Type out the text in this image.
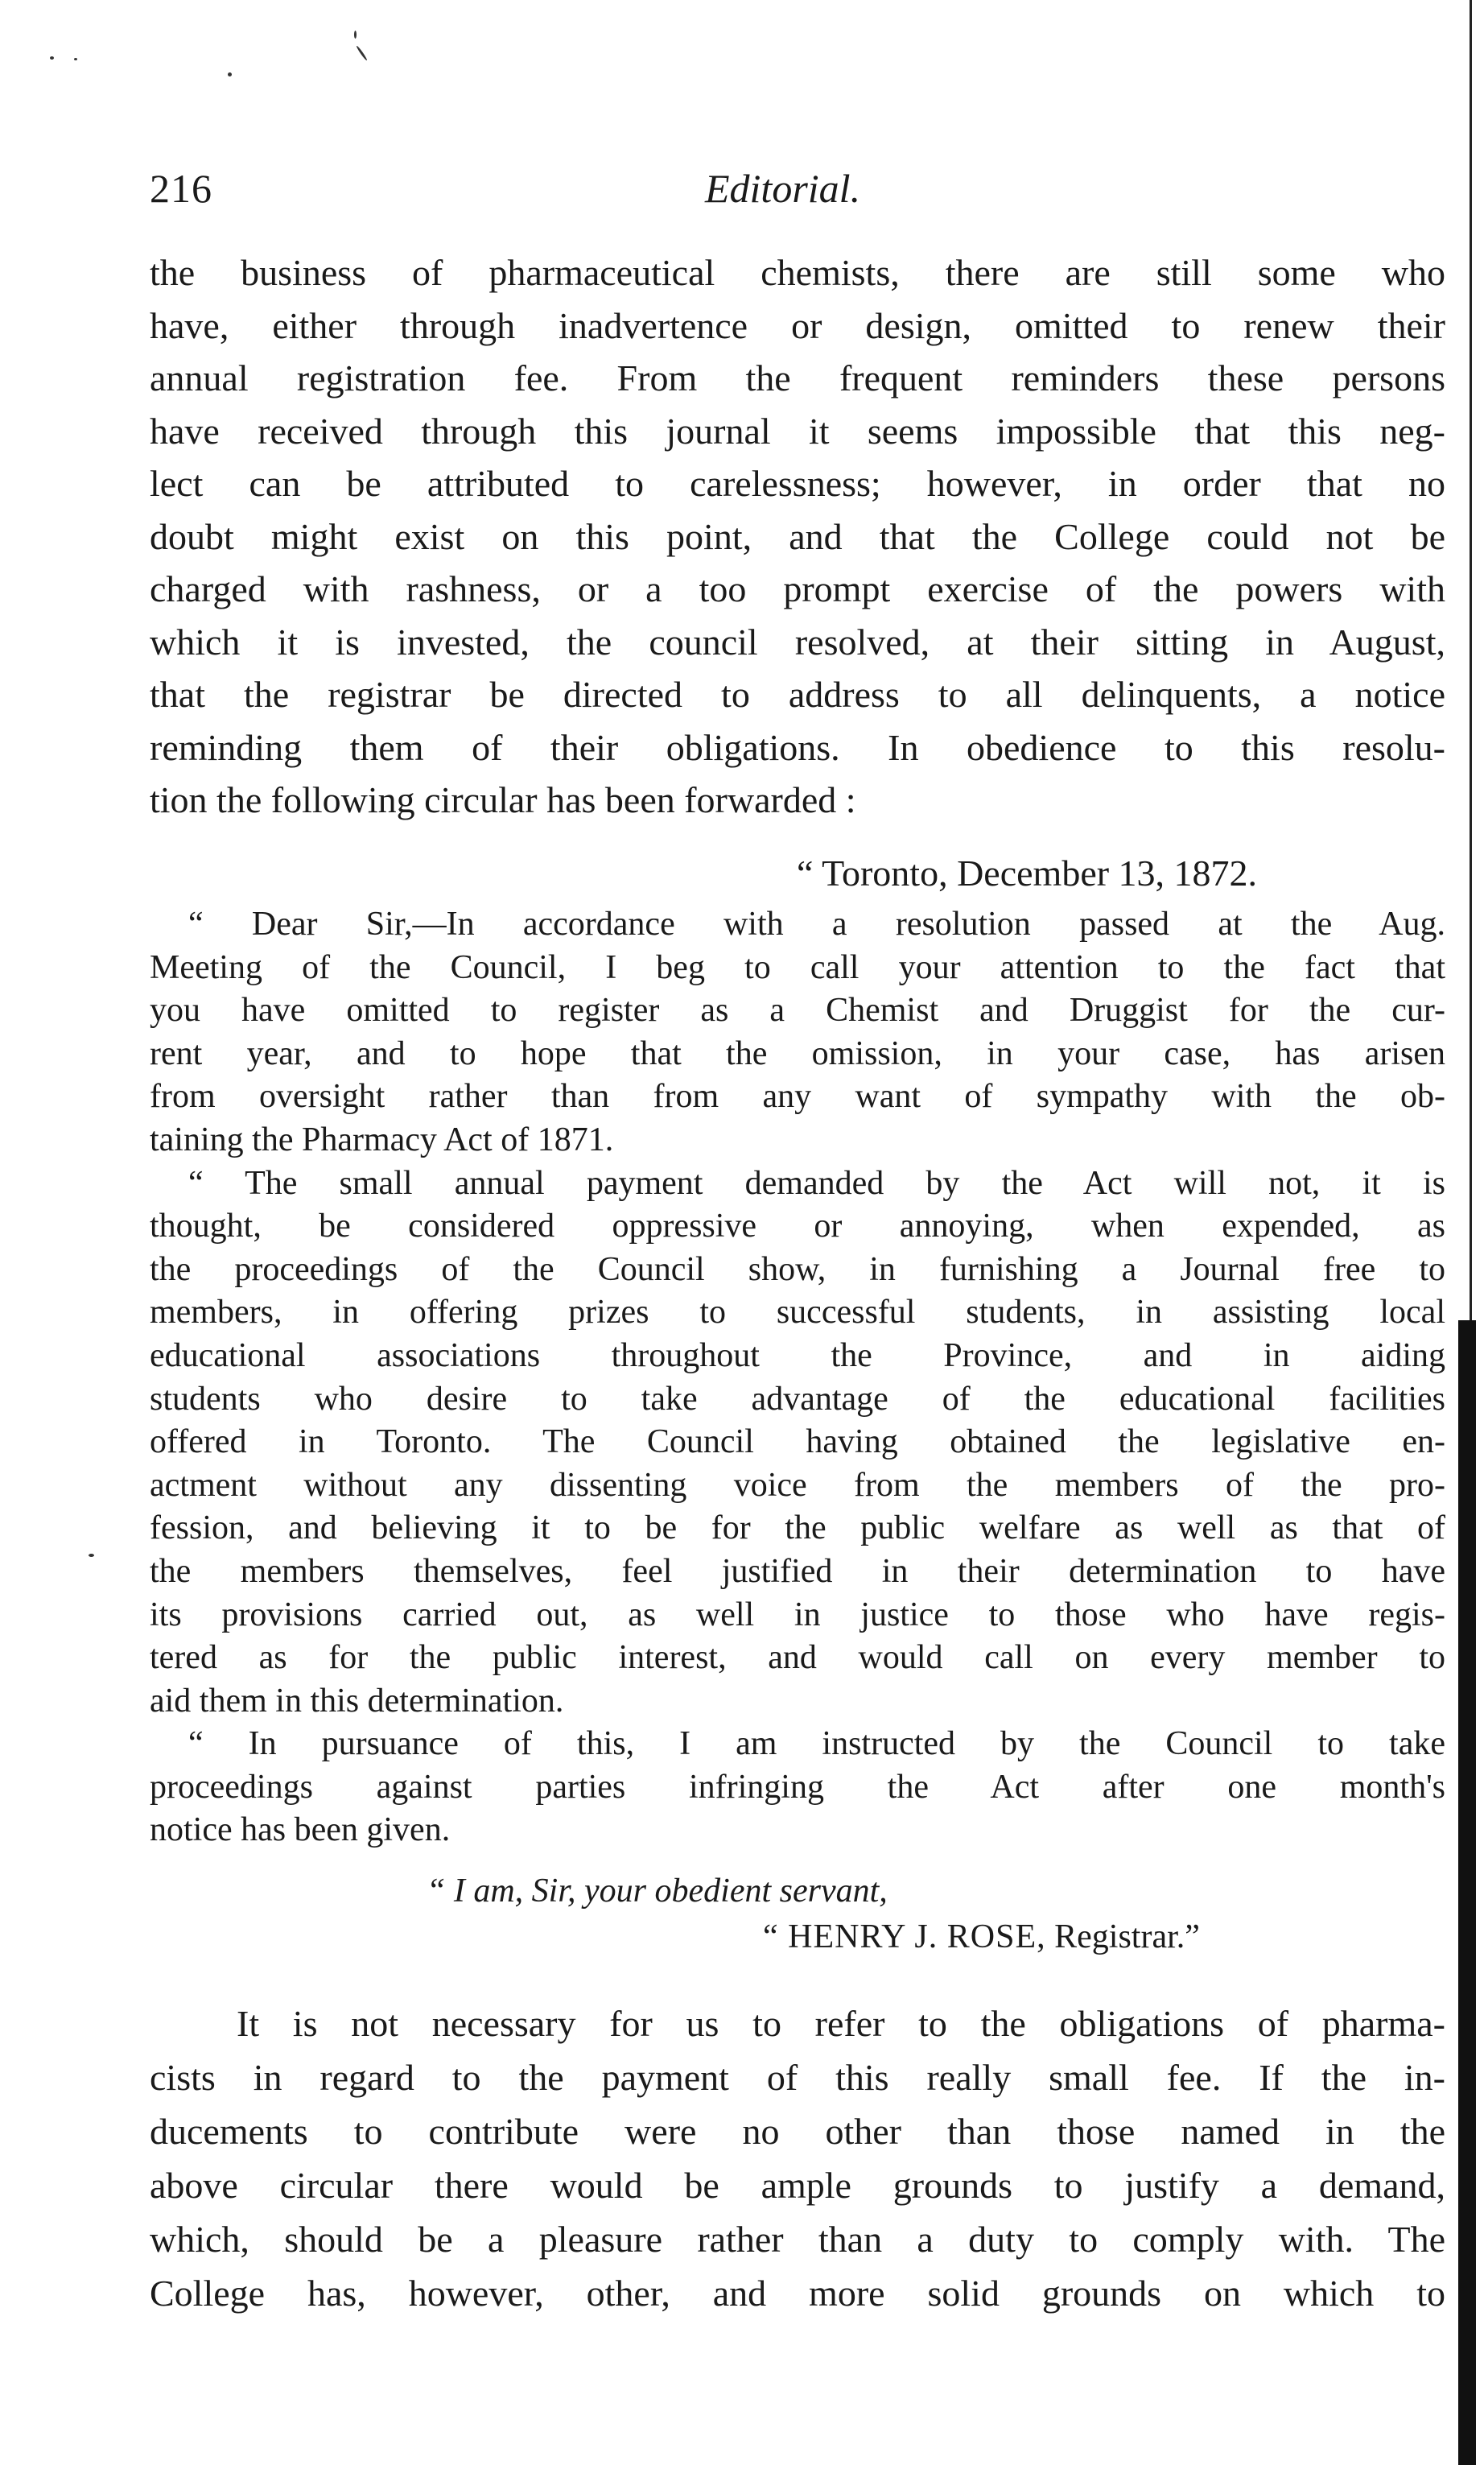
216	Editorial.
the business of pharmaceutical chemists, there are still some who
have, either through inadvertence or design, omitted to renew their
annual registration fee. From the frequent reminders these persons
have received through this journal it seems impossible that this neg-
lect can be attributed to carelessness; however, in order that no
doubt might exist on this point, and that the College could not be
charged with rashness, or a too prompt exercise of the powers with
which it is invested, the council resolved, at their sitting in August,
that the registrar be directed to address to all delinquents, a notice
reminding them of their obligations. In obedience to this resolu-
tion the following circular has been forwarded :
“ Toronto, December 13, 1872.
“ Dear Sir,—In accordance with a resolution passed at the Aug.
Meeting of the Council, I beg to call your attention to the fact that
you have omitted to register as a Chemist and Druggist for the cur-
rent year, and to hope that the omission, in your case, has arisen
from oversight rather than from any want of sympathy with the ob-
taining the Pharmacy Act of 1871.
“ The small annual payment demanded by the Act will not, it is
thought, be considered oppressive or annoying, when expended, as
the proceedings of the Council show, in furnishing a Journal free to
members, in offering prizes to successful students, in assisting local
educational associations throughout the Province, and in aiding
students who desire to take advantage of the educational facilities
offered in Toronto. The Council having obtained the legislative en-
actment without any dissenting voice from the members of the pro-
fession, and believing it to be for the public welfare as well as that of
the members themselves, feel justified in their determination to have
its provisions carried out, as well in justice to those who have regis-
tered as for the public interest, and would call on every member to
aid them in this determination.
“ In pursuance of this, I am instructed by the Council to take
proceedings against parties infringing the Act after one month's
notice has been given.
“ I am, Sir, your obedient servant,
“ HENRY J. ROSE, Registrar.”
It is not necessary for us to refer to the obligations of pharma-
cists in regard to the payment of this really small fee. If the in-
ducements to contribute were no other than those named in the
above circular there would be ample grounds to justify a demand,
which, should be a pleasure rather than a duty to comply with. The
College has, however, other, and more solid grounds on which to
